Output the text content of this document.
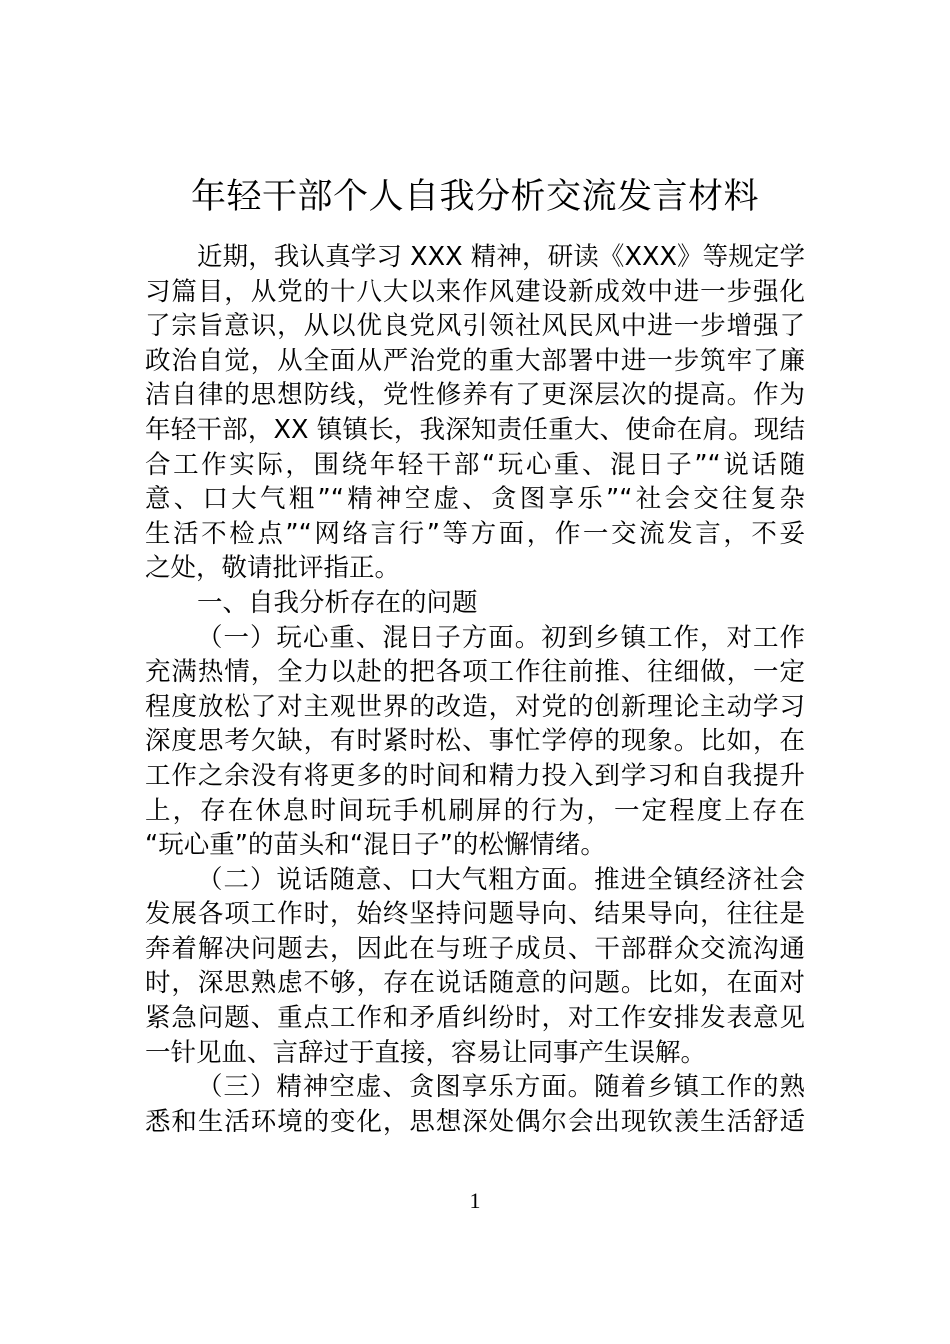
年轻干部个人自我分析交流发言材料
近期，我认真学习 XXX 精神，研读《XXX》等规定学
习篇目，从党的十八大以来作风建设新成效中进一步强化
了宗旨意识，从以优良党风引领社风民风中进一步增强了
政治自觉，从全面从严治党的重大部署中进一步筑牢了廉
洁自律的思想防线，党性修养有了更深层次的提高。作为
年轻干部，XX 镇镇长，我深知责任重大、使命在肩。现结
合工作实际，围绕年轻干部“玩心重、混日子”“说话随
意、口大气粗”“精神空虚、贪图享乐”“社会交往复杂
生活不检点”“网络言行”等方面，作一交流发言，不妥
之处，敬请批评指正。
一、自我分析存在的问题
（一）玩心重、混日子方面。初到乡镇工作，对工作
充满热情，全力以赴的把各项工作往前推、往细做，一定
程度放松了对主观世界的改造，对党的创新理论主动学习
深度思考欠缺，有时紧时松、事忙学停的现象。比如，在
工作之余没有将更多的时间和精力投入到学习和自我提升
上，存在休息时间玩手机刷屏的行为，一定程度上存在
“玩心重”的苗头和“混日子”的松懈情绪。
（二）说话随意、口大气粗方面。推进全镇经济社会
发展各项工作时，始终坚持问题导向、结果导向，往往是
奔着解决问题去，因此在与班子成员、干部群众交流沟通
时，深思熟虑不够，存在说话随意的问题。比如，在面对
紧急问题、重点工作和矛盾纠纷时，对工作安排发表意见
一针见血、言辞过于直接，容易让同事产生误解。
（三）精神空虚、贪图享乐方面。随着乡镇工作的熟
悉和生活环境的变化，思想深处偶尔会出现钦羡生活舒适
1
